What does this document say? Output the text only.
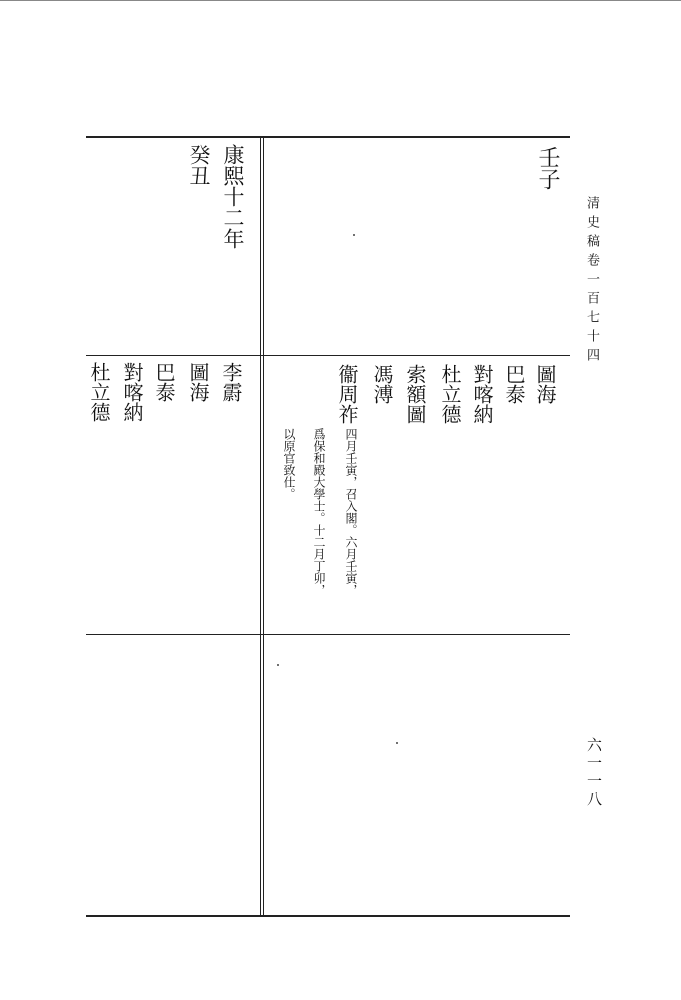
清史稿卷一百七十四
六一一八
壬子
康熙十二年
癸丑
圖海
巴泰
對喀納
杜立德
索額圖
馮溥
衞周祚
四月壬寅，召入閣。六月壬寅，
爲保和殿大學士。十二月丁卯，
以原官致仕。
李霨
圖海
巴泰
對喀納
杜立德
